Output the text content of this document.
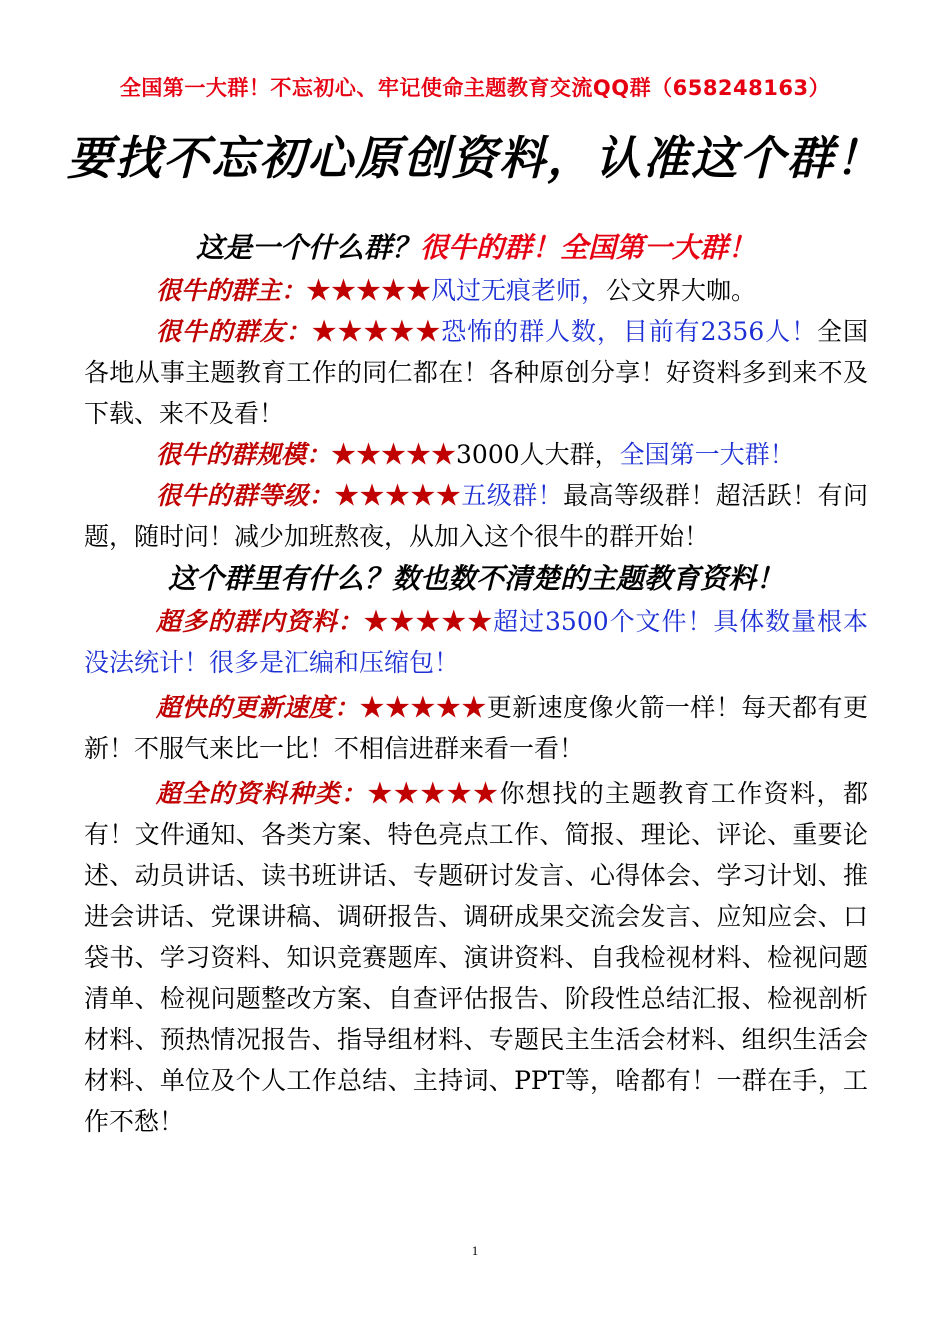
全国第一大群！不忘初心、牢记使命主题教育交流QQ群（658248163）
要找不忘初心原创资料，认准这个群！
这是一个什么群？很牛的群！全国第一大群！

很牛的群主：★★★★★风过无痕老师，公文界大咖。

很牛的群友：★★★★★恐怖的群人数，目前有2356人！全国各地从事主题教育工作的同仁都在！各种原创分享！好资料多到来不及下载、来不及看！

很牛的群规模：★★★★★3000人大群，全国第一大群！

很牛的群等级：★★★★★五级群！最高等级群！超活跃！有问题，随时问！减少加班熬夜，从加入这个很牛的群开始！

这个群里有什么？数也数不清楚的主题教育资料！

超多的群内资料：★★★★★超过3500个文件！具体数量根本没法统计！很多是汇编和压缩包！

超快的更新速度：★★★★★更新速度像火箭一样！每天都有更新！不服气来比一比！不相信进群来看一看！

超全的资料种类：★★★★★你想找的主题教育工作资料，都有！文件通知、各类方案、特色亮点工作、简报、理论、评论、重要论述、动员讲话、读书班讲话、专题研讨发言、心得体会、学习计划、推进会讲话、党课讲稿、调研报告、调研成果交流会发言、应知应会、口袋书、学习资料、知识竞赛题库、演讲资料、自我检视材料、检视问题清单、检视问题整改方案、自查评估报告、阶段性总结汇报、检视剖析材料、预热情况报告、指导组材料、专题民主生活会材料、组织生活会材料、单位及个人工作总结、主持词、PPT等，啥都有！一群在手，工作不愁！

1
